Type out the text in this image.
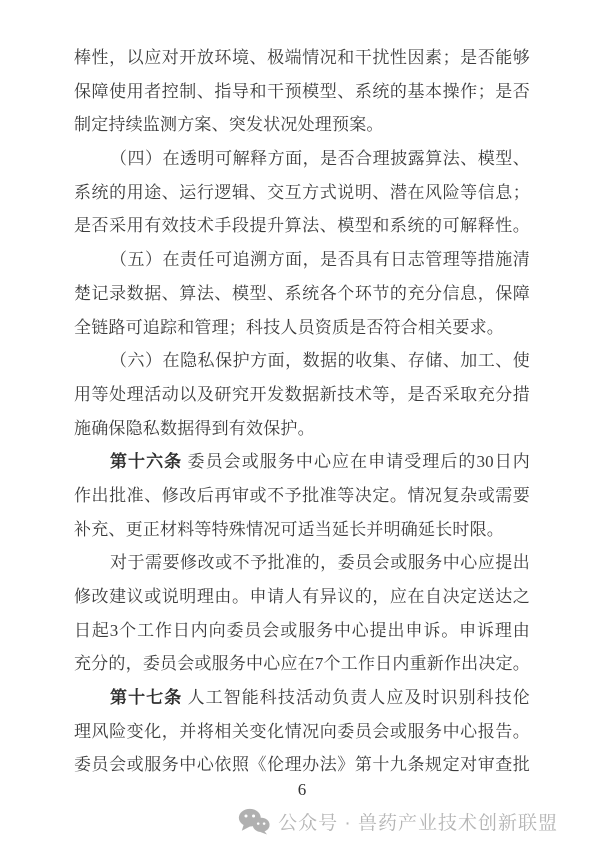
棒性，以应对开放环境、极端情况和干扰性因素；是否能够
保障使用者控制、指导和干预模型、系统的基本操作；是否
制定持续监测方案、突发状况处理预案。
（四）在透明可解释方面，是否合理披露算法、模型、
系统的用途、运行逻辑、交互方式说明、潜在风险等信息；
是否采用有效技术手段提升算法、模型和系统的可解释性。
（五）在责任可追溯方面，是否具有日志管理等措施清
楚记录数据、算法、模型、系统各个环节的充分信息，保障
全链路可追踪和管理；科技人员资质是否符合相关要求。
（六）在隐私保护方面，数据的收集、存储、加工、使
用等处理活动以及研究开发数据新技术等，是否采取充分措
施确保隐私数据得到有效保护。
第十六条 委员会或服务中心应在申请受理后的30日内
作出批准、修改后再审或不予批准等决定。情况复杂或需要
补充、更正材料等特殊情况可适当延长并明确延长时限。
对于需要修改或不予批准的，委员会或服务中心应提出
修改建议或说明理由。申请人有异议的，应在自决定送达之
日起3个工作日内向委员会或服务中心提出申诉。申诉理由
充分的，委员会或服务中心应在7个工作日内重新作出决定。
第十七条 人工智能科技活动负责人应及时识别科技伦
理风险变化，并将相关变化情况向委员会或服务中心报告。
委员会或服务中心依照《伦理办法》第十九条规定对审查批
6
公众号 · 兽药产业技术创新联盟
